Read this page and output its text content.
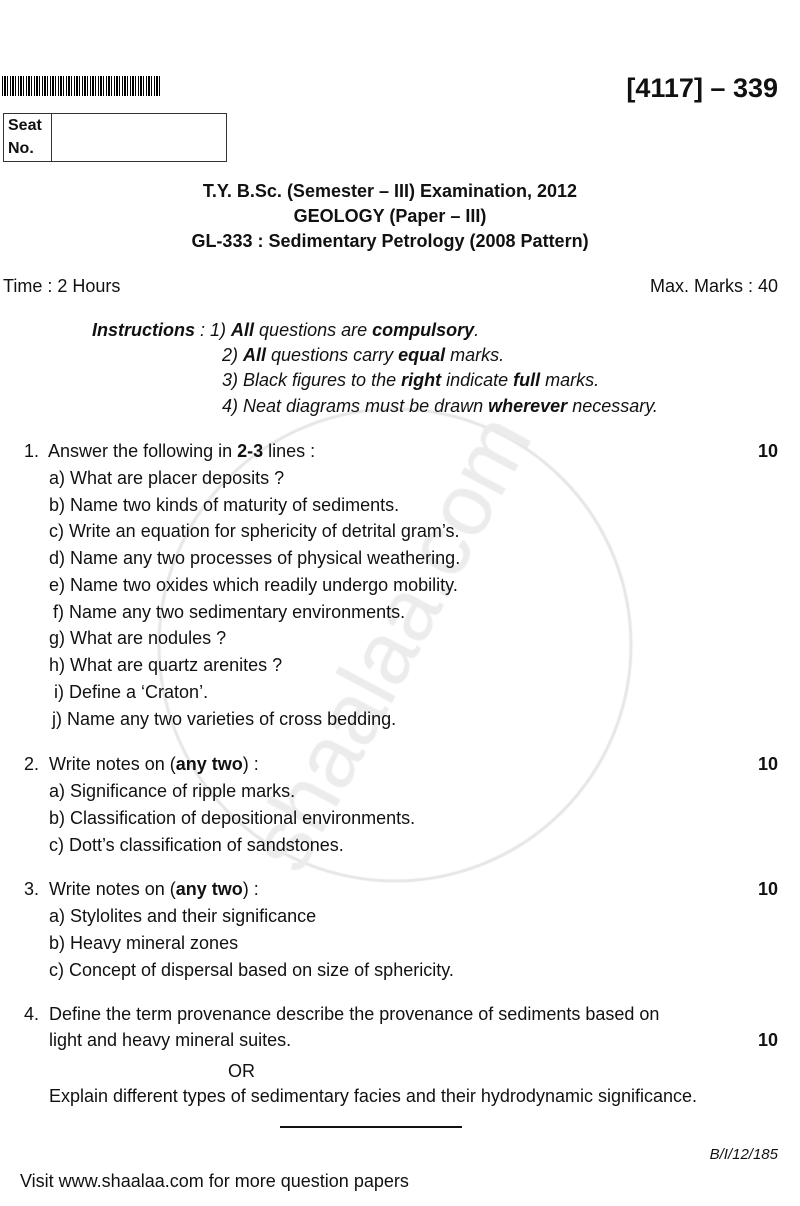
[4117] – 339
Seat
No.
T.Y. B.Sc. (Semester – III) Examination, 2012
GEOLOGY (Paper – III)
GL-333 : Sedimentary Petrology (2008 Pattern)
Time : 2 Hours	Max. Marks : 40
Instructions : 1) All questions are compulsory.
2) All questions carry equal marks.
3) Black figures to the right indicate full marks.
4) Neat diagrams must be drawn wherever necessary.
1. Answer the following in 2-3 lines :	10
a) What are placer deposits ?
b) Name two kinds of maturity of sediments.
c) Write an equation for sphericity of detrital gram’s.
d) Name any two processes of physical weathering.
e) Name two oxides which readily undergo mobility.
f) Name any two sedimentary environments.
g) What are nodules ?
h) What are quartz arenites ?
i) Define a ‘Craton’.
j) Name any two varieties of cross bedding.
2. Write notes on (any two) :	10
a) Significance of ripple marks.
b) Classification of depositional environments.
c) Dott’s classification of sandstones.
3. Write notes on (any two) :	10
a) Stylolites and their significance
b) Heavy mineral zones
c) Concept of dispersal based on size of sphericity.
4. Define the term provenance describe the provenance of sediments based on
light and heavy mineral suites.	10
OR
Explain different types of sedimentary facies and their hydrodynamic significance.
B/I/12/185
Visit www.shaalaa.com for more question papers
